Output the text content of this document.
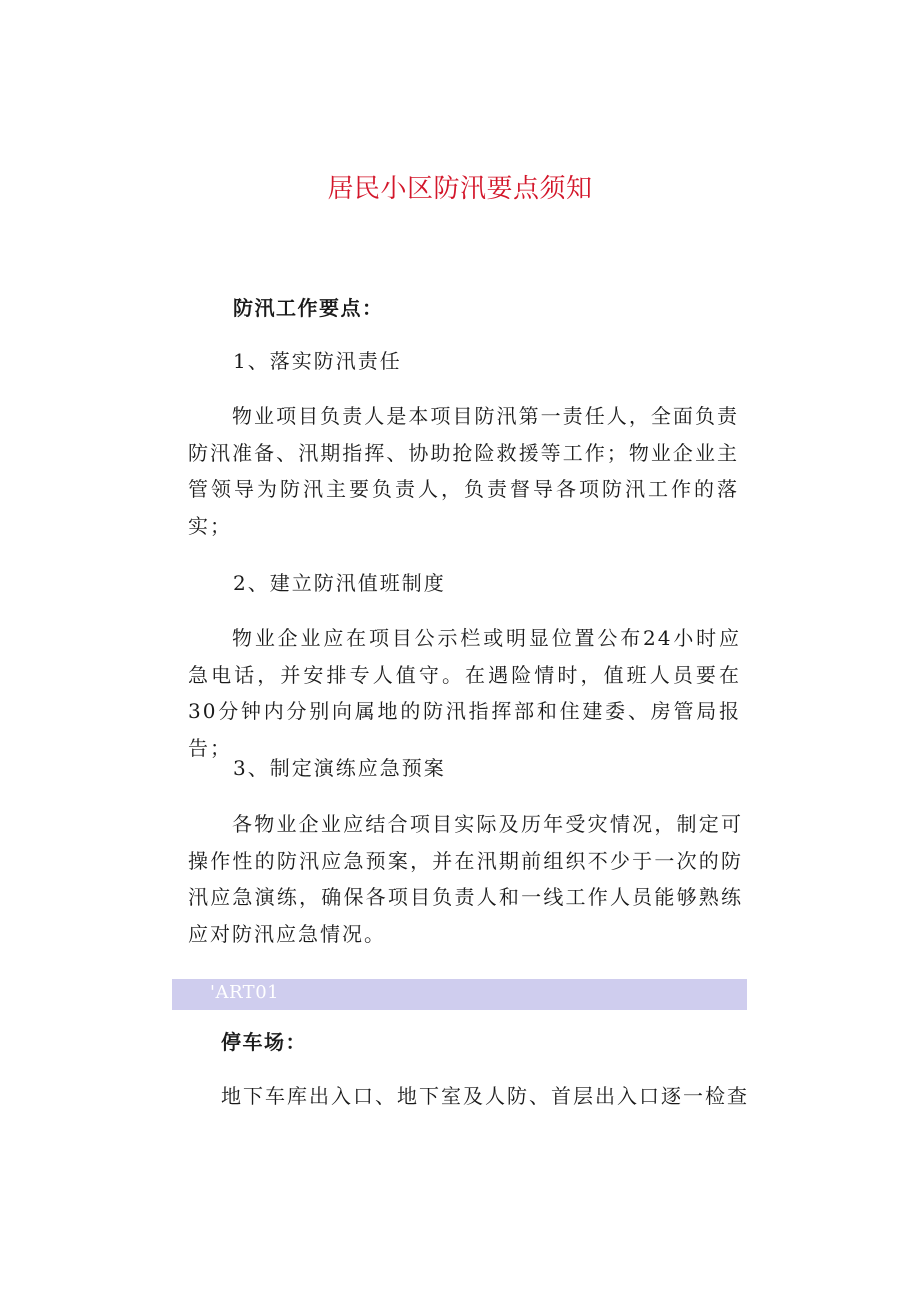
居民小区防汛要点须知
防汛工作要点：
1、落实防汛责任
物业项目负责人是本项目防汛第一责任人，全面负责防汛准备、汛期指挥、协助抢险救援等工作；物业企业主管领导为防汛主要负责人，负责督导各项防汛工作的落实；
2、建立防汛值班制度
物业企业应在项目公示栏或明显位置公布24小时应急电话，并安排专人值守。在遇险情时，值班人员要在30分钟内分别向属地的防汛指挥部和住建委、房管局报告；
3、制定演练应急预案
各物业企业应结合项目实际及历年受灾情况，制定可操作性的防汛应急预案，并在汛期前组织不少于一次的防汛应急演练，确保各项目负责人和一线工作人员能够熟练应对防汛应急情况。
'ART01
停车场：
地下车库出入口、地下室及人防、首层出入口逐一检查
